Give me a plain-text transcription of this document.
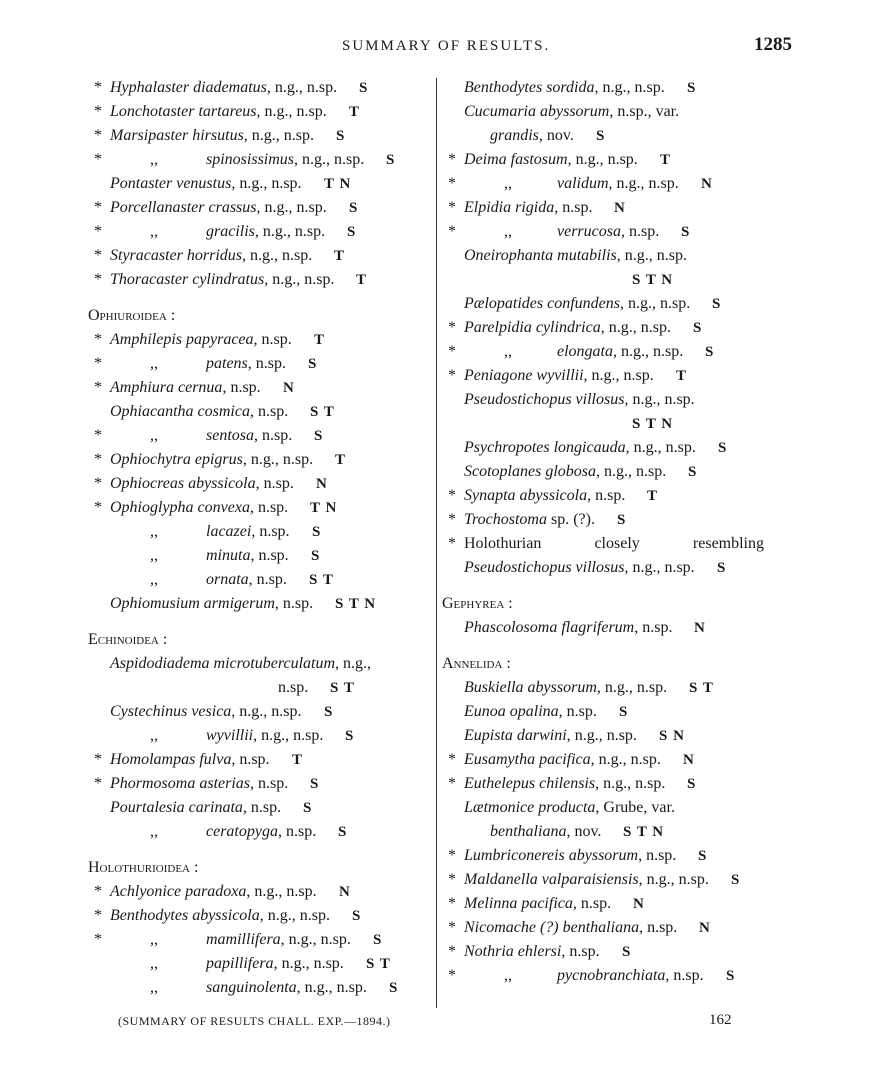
SUMMARY OF RESULTS.	1285
* Hyphalaster diadematus, n.g., n.sp. S
* Lonchotaster tartareus, n.g., n.sp. T
* Marsipaster hirsutus, n.g., n.sp. S
*	,,	spinosissimus, n.g., n.sp. S
Pontaster venustus, n.g., n.sp. T N
* Porcellanaster crassus, n.g., n.sp. S
*	,,	gracilis, n.g., n.sp. S
* Styracaster horridus, n.g., n.sp. T
* Thoracaster cylindratus, n.g., n.sp. T
Ophiuroidea :
* Amphilepis papyracea, n.sp. T
*	,,	patens, n.sp. S
* Amphiura cernua, n.sp. N
Ophiacantha cosmica, n.sp. S T
*	,,	sentosa, n.sp. S
* Ophiochytra epigrus, n.g., n.sp. T
* Ophiocreas abyssicola, n.sp. N
* Ophioglypha convexa, n.sp. T N
,,	lacazei, n.sp. S
,,	minuta, n.sp. S
,,	ornata, n.sp. S T
Ophiomusium armigerum, n.sp. S T N
Echinoidea :
Aspidodiadema microtuberculatum, n.g.,
n.sp. S T
Cystechinus vesica, n.g., n.sp. S
,,	wyvillii, n.g., n.sp. S
* Homolampas fulva, n.sp. T
* Phormosoma asterias, n.sp. S
Pourtalesia carinata, n.sp. S
,,	ceratopyga, n.sp. S
Holothurioidea :
* Achlyonice paradoxa, n.g., n.sp. N
* Benthodytes abyssicola, n.g., n.sp. S
*	,,	mamillifera, n.g., n.sp. S
,,	papillifera, n.g., n.sp. S T
,,	sanguinolenta, n.g., n.sp. S
Benthodytes sordida, n.g., n.sp. S
Cucumaria abyssorum, n.sp., var.
grandis, nov. S
* Deima fastosum, n.g., n.sp. T
*	,,	validum, n.g., n.sp. N
* Elpidia rigida, n.sp. N
*	,,	verrucosa, n.sp. S
Oneirophanta mutabilis, n.g., n.sp.
S T N
Pælopatides confundens, n.g., n.sp. S
* Parelpidia cylindrica, n.g., n.sp. S
*	,,	elongata, n.g., n.sp. S
* Peniagone wyvillii, n.g., n.sp. T
Pseudostichopus villosus, n.g., n.sp.
S T N
Psychropotes longicauda, n.g., n.sp. S
Scotoplanes globosa, n.g., n.sp. S
* Synapta abyssicola, n.sp. T
* Trochostoma sp. (?). S
* Holothurian closely resembling
Pseudostichopus villosus, n.g., n.sp. S
Gephyrea :
Phascolosoma flagriferum, n.sp. N
Annelida :
Buskiella abyssorum, n.g., n.sp. S T
Eunoa opalina, n.sp. S
Eupista darwini, n.g., n.sp. S N
* Eusamytha pacifica, n.g., n.sp. N
* Euthelepus chilensis, n.g., n.sp. S
Lætmonice producta, Grube, var.
benthaliana, nov. S T N
* Lumbriconereis abyssorum, n.sp. S
* Maldanella valparaisiensis, n.g., n.sp. S
* Melinna pacifica, n.sp. N
* Nicomache (?) benthaliana, n.sp. N
* Nothria ehlersi, n.sp. S
*	,,	pycnobranchiata, n.sp. S
(SUMMARY OF RESULTS CHALL. EXP.—1894.)	162
